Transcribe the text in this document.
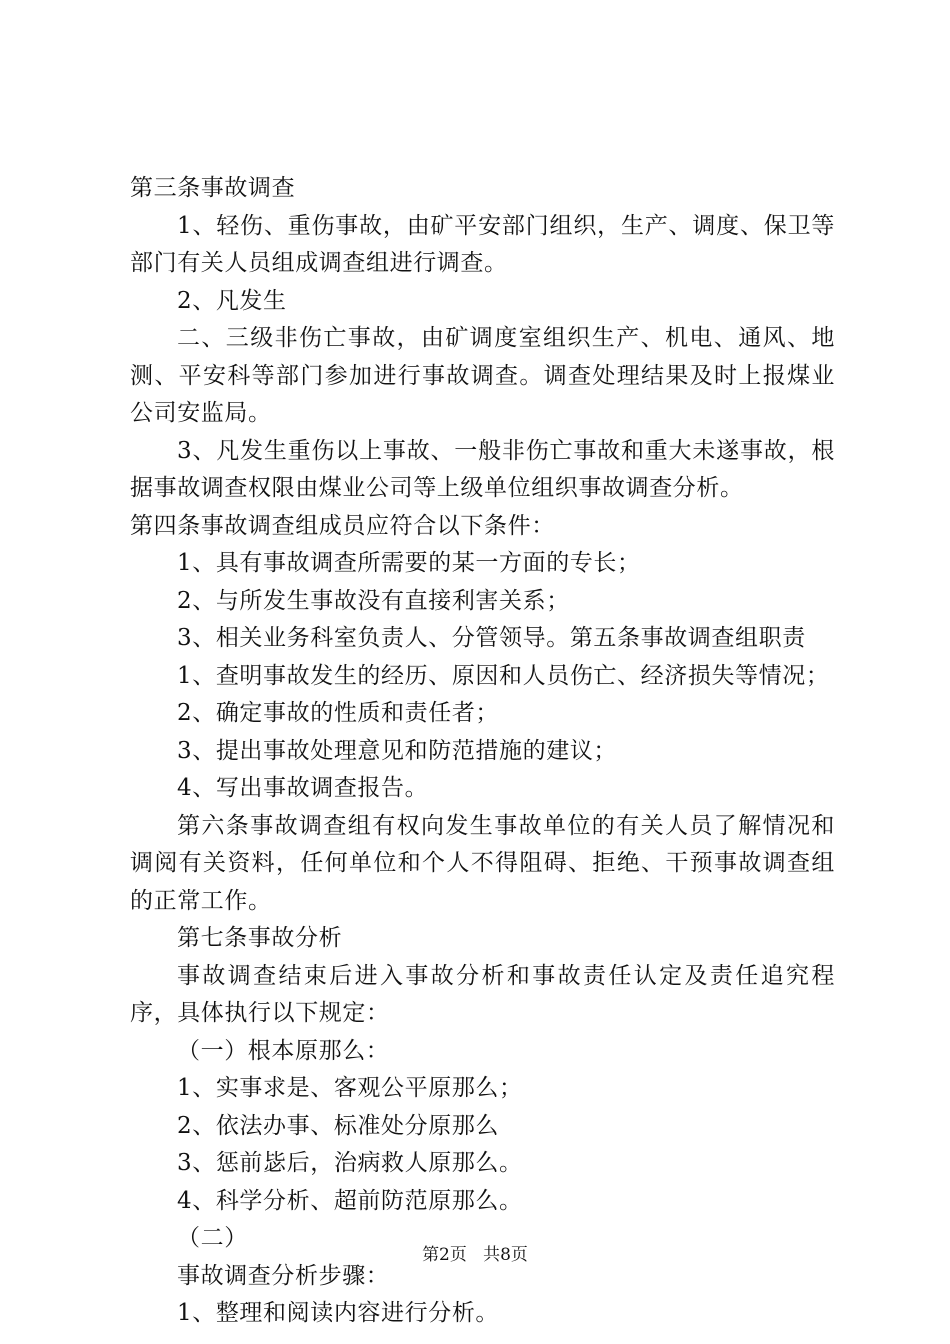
第三条事故调查

1、轻伤、重伤事故，由矿平安部门组织，生产、调度、保卫等部门有关人员组成调查组进行调查。

2、凡发生

二、三级非伤亡事故，由矿调度室组织生产、机电、通风、地测、平安科等部门参加进行事故调查。调查处理结果及时上报煤业公司安监局。

3、凡发生重伤以上事故、一般非伤亡事故和重大未遂事故，根据事故调查权限由煤业公司等上级单位组织事故调查分析。

第四条事故调查组成员应符合以下条件：

1、具有事故调查所需要的某一方面的专长；

2、与所发生事故没有直接利害关系；

3、相关业务科室负责人、分管领导。第五条事故调查组职责

1、查明事故发生的经历、原因和人员伤亡、经济损失等情况；

2、确定事故的性质和责任者；

3、提出事故处理意见和防范措施的建议；

4、写出事故调查报告。

第六条事故调查组有权向发生事故单位的有关人员了解情况和调阅有关资料，任何单位和个人不得阻碍、拒绝、干预事故调查组的正常工作。

第七条事故分析

事故调查结束后进入事故分析和事故责任认定及责任追究程序，具体执行以下规定：

（一）根本原那么：

1、实事求是、客观公平原那么；

2、依法办事、标准处分原那么

3、惩前毖后，治病救人原那么。

4、科学分析、超前防范原那么。

（二）

事故调查分析步骤：

1、整理和阅读内容进行分析。

第2页 共8页
